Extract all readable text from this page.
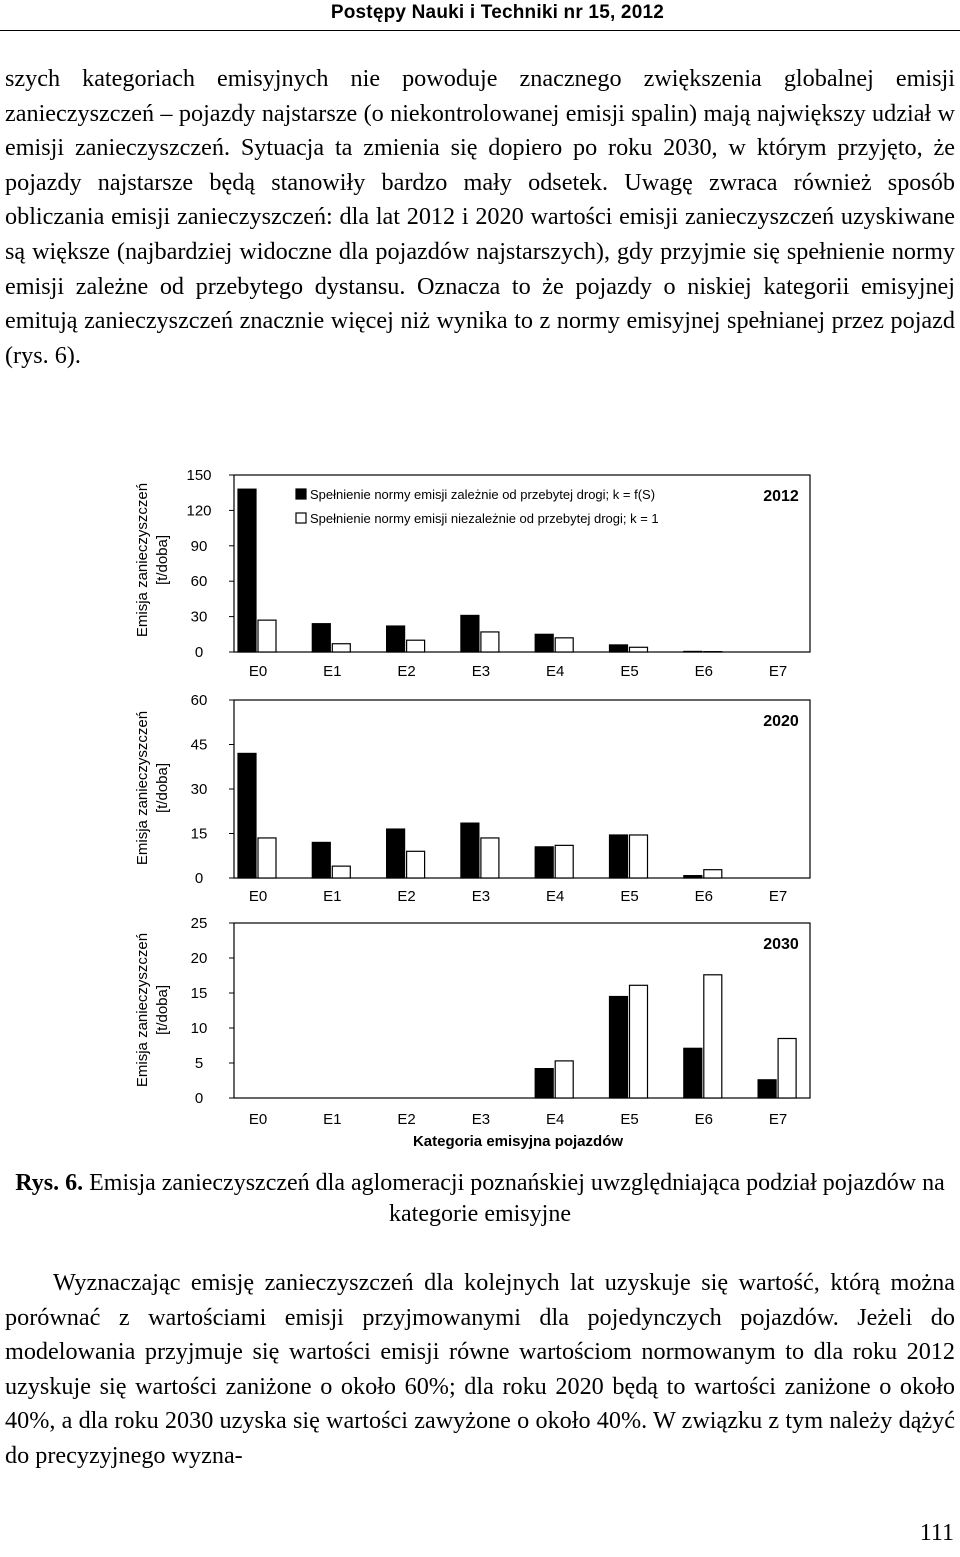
Postępy Nauki i Techniki nr 15, 2012

szych kategoriach emisyjnych nie powoduje znacznego zwiększenia globalnej emisji zanieczyszczeń – pojazdy najstarsze (o niekontrolowanej emisji spalin) mają największy udział w emisji zanieczyszczeń. Sytuacja ta zmienia się dopiero po roku 2030, w którym przyjęto, że pojazdy najstarsze będą stanowiły bardzo mały odsetek. Uwagę zwraca również sposób obliczania emisji zanieczyszczeń: dla lat 2012 i 2020 wartości emisji zanieczyszczeń uzyskiwane są większe (najbardziej widoczne dla pojazdów najstarszych), gdy przyjmie się spełnienie normy emisji zależne od przebytego dystansu. Oznacza to że pojazdy o niskiej kategorii emisyjnej emitują zanieczyszczeń znacznie więcej niż wynika to z normy emisyjnej spełnianej przez pojazd (rys. 6).

0
30
60
90
120
150
Emisja zanieczyszczeń [t/doba]
E0	E1	E2	E3	E4	E5	E6	E7
2012
Spełnienie normy emisji zależnie od przebytej drogi; k = f(S)
Spełnienie normy emisji niezależnie od przebytej drogi; k = 1
0
15
30
45
60
Emisja zanieczyszczeń [t/doba]
E0	E1	E2	E3	E4	E5	E6	E7
2020
0
5
10
15
20
25
Emisja zanieczyszczeń [t/doba]
E0	E1	E2	E3	E4	E5	E6	E7
2030
Kategoria emisyjna pojazdów
Rys. 6. Emisja zanieczyszczeń dla aglomeracji poznańskiej uwzględniająca podział pojazdów na kategorie emisyjne

Wyznaczając emisję zanieczyszczeń dla kolejnych lat uzyskuje się wartość, którą można porównać z wartościami emisji przyjmowanymi dla pojedynczych pojazdów. Jeżeli do modelowania przyjmuje się wartości emisji równe wartościom normowanym to dla roku 2012 uzyskuje się wartości zaniżone o około 60%; dla roku 2020 będą to wartości zaniżone o około 40%, a dla roku 2030 uzyska się wartości zawyżone o około 40%. W związku z tym należy dążyć do precyzyjnego wyzna-

111
